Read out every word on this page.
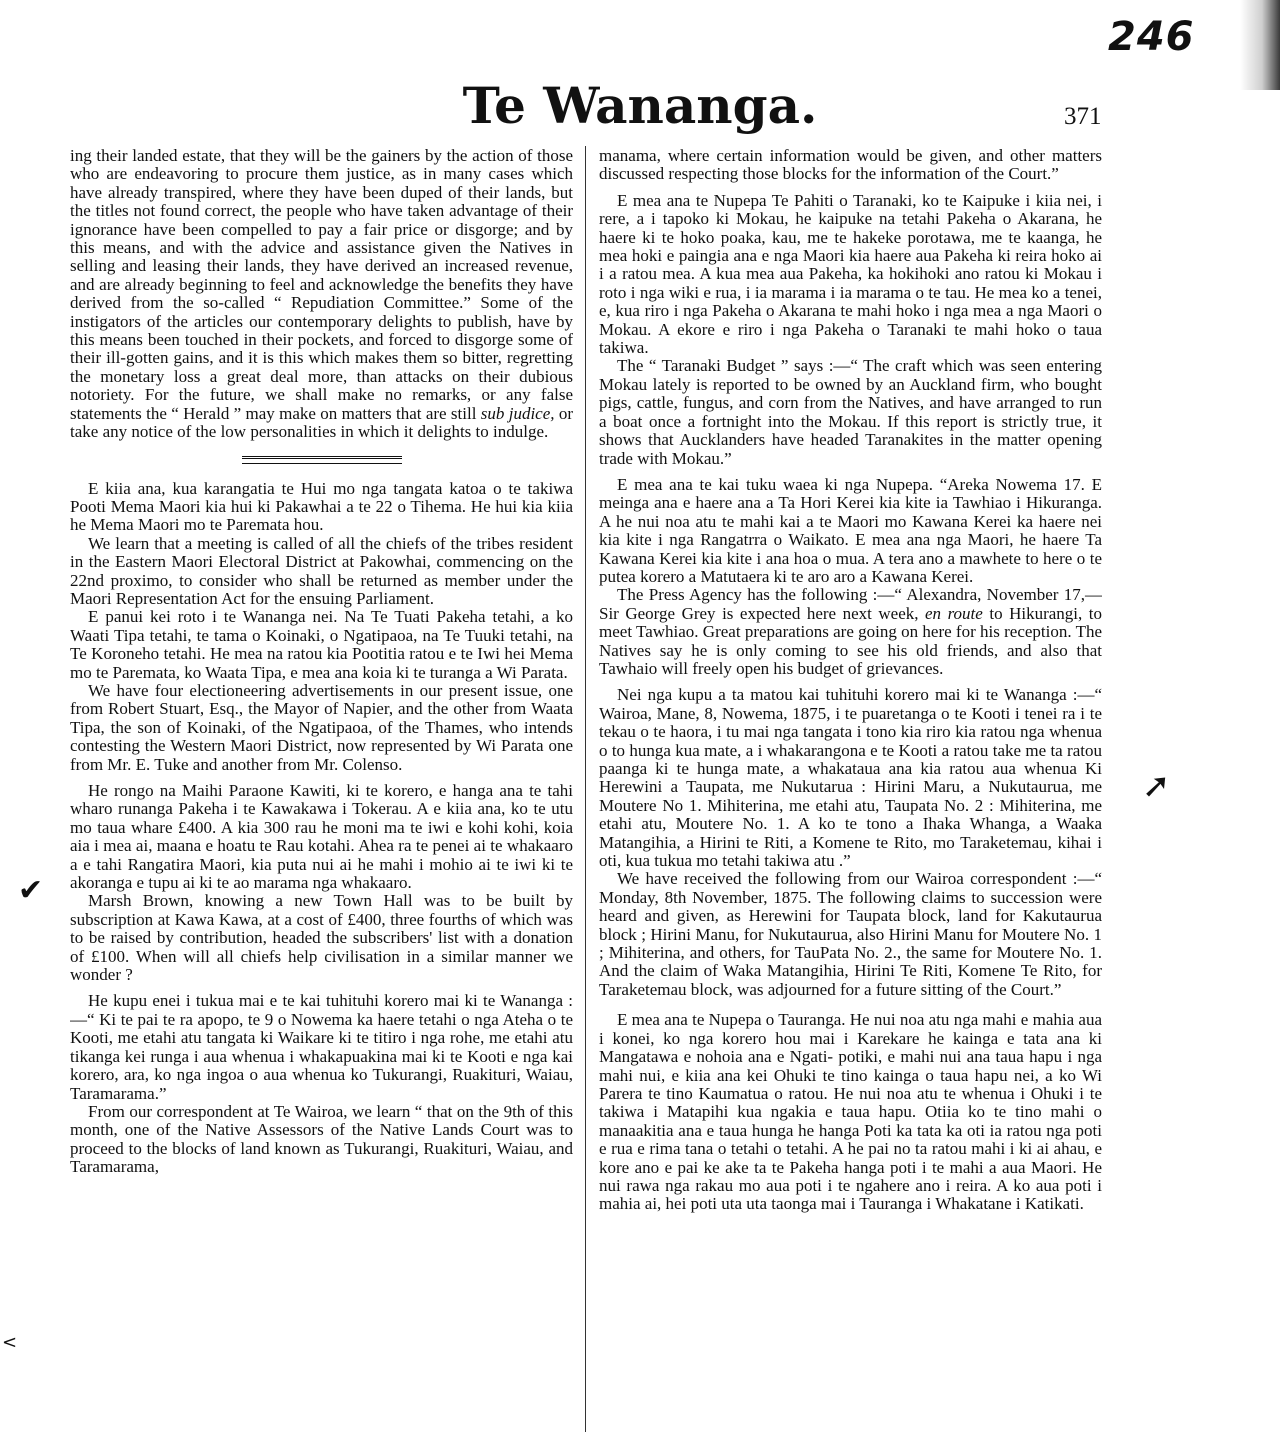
246
Te Wananga.	371
✔
➚
<

ing their landed estate, that they will be the gainers by the action of those who are endeavoring to procure them justice, as in many cases which have already transpired, where they have been duped of their lands, but the titles not found correct, the people who have taken advantage of their ignorance have been compelled to pay a fair price or disgorge; and by this means, and with the advice and assistance given the Natives in selling and leasing their lands, they have derived an increased revenue, and are already beginning to feel and acknowledge the benefits they have derived from the so-called “ Repudiation Committee.” Some of the instigators of the articles our contemporary delights to publish, have by this means been touched in their pockets, and forced to disgorge some of their ill-gotten gains, and it is this which makes them so bitter, regretting the monetary loss a great deal more, than attacks on their dubious notoriety. For the future, we shall make no remarks, or any false statements the “ Herald ” may make on matters that are still sub judice, or take any notice of the low personalities in which it delights to indulge.

E kiia ana, kua karangatia te Hui mo nga tangata katoa o te takiwa Pooti Mema Maori kia hui ki Pakawhai a te 22 o Tihema. He hui kia kiia he Mema Maori mo te Paremata hou.

We learn that a meeting is called of all the chiefs of the tribes resident in the Eastern Maori Electoral District at Pakowhai, commencing on the 22nd proximo, to consider who shall be returned as member under the Maori Representation Act for the ensuing Parliament.

E panui kei roto i te Wananga nei. Na Te Tuati Pakeha tetahi, a ko Waati Tipa tetahi, te tama o Koinaki, o Ngatipaoa, na Te Tuuki tetahi, na Te Koroneho tetahi. He mea na ratou kia Pootitia ratou e te Iwi hei Mema mo te Paremata, ko Waata Tipa, e mea ana koia ki te turanga a Wi Parata.

We have four electioneering advertisements in our present issue, one from Robert Stuart, Esq., the Mayor of Napier, and the other from Waata Tipa, the son of Koinaki, of the Ngatipaoa, of the Thames, who intends contesting the Western Maori District, now represented by Wi Parata one from Mr. E. Tuke and another from Mr. Colenso.

He rongo na Maihi Paraone Kawiti, ki te korero, e hanga ana te tahi wharo runanga Pakeha i te Kawakawa i Tokerau. A e kiia ana, ko te utu mo taua whare £400. A kia 300 rau he moni ma te iwi e kohi kohi, koia aia i mea ai, maana e hoatu te Rau kotahi. Ahea ra te penei ai te whakaaro a e tahi Rangatira Maori, kia puta nui ai he mahi i mohio ai te iwi ki te akoranga e tupu ai ki te ao marama nga whakaaro.

Marsh Brown, knowing a new Town Hall was to be built by subscription at Kawa Kawa, at a cost of £400, three fourths of which was to be raised by contribution, headed the subscribers' list with a donation of £100. When will all chiefs help civilisation in a similar manner we wonder ?

He kupu enei i tukua mai e te kai tuhituhi korero mai ki te Wananga :—“ Ki te pai te ra apopo, te 9 o Nowema ka haere tetahi o nga Ateha o te Kooti, me etahi atu tangata ki Waikare ki te titiro i nga rohe, me etahi atu tikanga kei runga i aua whenua i whakapuakina mai ki te Kooti e nga kai korero, ara, ko nga ingoa o aua whenua ko Tukurangi, Ruakituri, Waiau, Taramarama.”

From our correspondent at Te Wairoa, we learn “ that on the 9th of this month, one of the Native Assessors of the Native Lands Court was to proceed to the blocks of land known as Tukurangi, Ruakituri, Waiau, and Taramarama,

manama, where certain information would be given, and other matters discussed respecting those blocks for the information of the Court.”

E mea ana te Nupepa Te Pahiti o Taranaki, ko te Kaipuke i kiia nei, i rere, a i tapoko ki Mokau, he kaipuke na tetahi Pakeha o Akarana, he haere ki te hoko poaka, kau, me te hakeke porotawa, me te kaanga, he mea hoki e paingia ana e nga Maori kia haere aua Pakeha ki reira hoko ai i a ratou mea. A kua mea aua Pakeha, ka hokihoki ano ratou ki Mokau i roto i nga wiki e rua, i ia marama i ia marama o te tau. He mea ko a tenei, e, kua riro i nga Pakeha o Akarana te mahi hoko i nga mea a nga Maori o Mokau. A ekore e riro i nga Pakeha o Taranaki te mahi hoko o taua takiwa.

The “ Taranaki Budget ” says :—“ The craft which was seen entering Mokau lately is reported to be owned by an Auckland firm, who bought pigs, cattle, fungus, and corn from the Natives, and have arranged to run a boat once a fortnight into the Mokau. If this report is strictly true, it shows that Aucklanders have headed Taranakites in the matter opening trade with Mokau.”

E mea ana te kai tuku waea ki nga Nupepa. “Areka Nowema 17. E meinga ana e haere ana a Ta Hori Kerei kia kite ia Tawhiao i Hikuranga. A he nui noa atu te mahi kai a te Maori mo Kawana Kerei ka haere nei kia kite i nga Rangatrra o Waikato. E mea ana nga Maori, he haere Ta Kawana Kerei kia kite i ana hoa o mua. A tera ano a mawhete to here o te putea korero a Matutaera ki te aro aro a Kawana Kerei.

The Press Agency has the following :—“ Alexandra, November 17,—Sir George Grey is expected here next week, en route to Hikurangi, to meet Tawhiao. Great preparations are going on here for his reception. The Natives say he is only coming to see his old friends, and also that Tawhaio will freely open his budget of grievances.

Nei nga kupu a ta matou kai tuhituhi korero mai ki te Wananga :—“ Wairoa, Mane, 8, Nowema, 1875, i te puaretanga o te Kooti i tenei ra i te tekau o te haora, i tu mai nga tangata i tono kia riro kia ratou nga whenua o to hunga kua mate, a i whakarangona e te Kooti a ratou take me ta ratou paanga ki te hunga mate, a whakataua ana kia ratou aua whenua Ki Herewini a Taupata, me Nukutarua : Hirini Maru, a Nukutaurua, me Moutere No 1. Mihiterina, me etahi atu, Taupata No. 2 : Mihiterina, me etahi atu, Moutere No. 1. A ko te tono a Ihaka Whanga, a Waaka Matangihia, a Hirini te Riti, a Komene te Rito, mo Taraketemau, kihai i oti, kua tukua mo tetahi takiwa atu .”

We have received the following from our Wairoa correspondent :—“ Monday, 8th November, 1875. The following claims to succession were heard and given, as Herewini for Taupata block, land for Kakutaurua block ; Hirini Manu, for Nukutaurua, also Hirini Manu for Moutere No. 1 ; Mihiterina, and others, for TauPata No. 2., the same for Moutere No. 1. And the claim of Waka Matangihia, Hirini Te Riti, Komene Te Rito, for Taraketemau block, was adjourned for a future sitting of the Court.”

E mea ana te Nupepa o Tauranga. He nui noa atu nga mahi e mahia aua i konei, ko nga korero hou mai i Karekare he kainga e tata ana ki Mangatawa e nohoia ana e Ngati- potiki, e mahi nui ana taua hapu i nga mahi nui, e kiia ana kei Ohuki te tino kainga o taua hapu nei, a ko Wi Parera te tino Kaumatua o ratou. He nui noa atu te whenua i Ohuki i te takiwa i Matapihi kua ngakia e taua hapu. Otiia ko te tino mahi o manaakitia ana e taua hunga he hanga Poti ka tata ka oti ia ratou nga poti e rua e rima tana o tetahi o tetahi. A he pai no ta ratou mahi i ki ai ahau, e kore ano e pai ke ake ta te Pakeha hanga poti i te mahi a aua Maori. He nui rawa nga rakau mo aua poti i te ngahere ano i reira. A ko aua poti i mahia ai, hei poti uta uta taonga mai i Tauranga i Whakatane i Katikati.
